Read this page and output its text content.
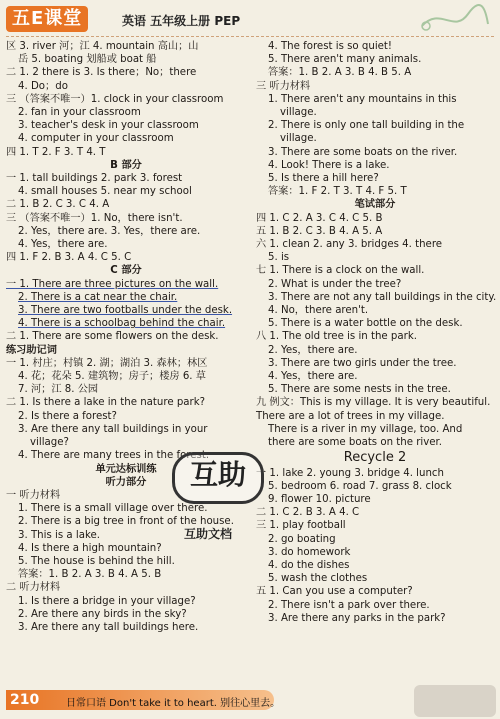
五E课堂	英语 五年级上册 PEP
区 3. river 河；江 4. mountain 高山；山
岳 5. boating 划船或 boat 船
二 1. 2 there is 3. Is there；No；there
4. Do；do
三 （答案不唯一）1. clock in your classroom
2. fan in your classroom
3. teacher's desk in your classroom
4. computer in your classroom
四 1. T 2. F 3. T 4. T
B 部分
一 1. tall buildings 2. park 3. forest
4. small houses 5. near my school
二 1. B 2. C 3. C 4. A
三 （答案不唯一）1. No，there isn't.
2. Yes，there are. 3. Yes，there are.
4. Yes，there are.
四 1. F 2. B 3. A 4. C 5. C
C 部分
一 1. There are three pictures on the wall.
2. There is a cat near the chair.
3. There are two footballs under the desk.
4. There is a schoolbag behind the chair.
二 1. There are some flowers on the desk.
练习助记词
一 1. 村庄；村镇 2. 湖；湖泊 3. 森林；林区
4. 花；花朵 5. 建筑物；房子；楼房 6. 草
7. 河；江 8. 公园
二 1. Is there a lake in the nature park?
2. Is there a forest?
3. Are there any tall buildings in your
village?
4. There are many trees in the forest.
单元达标训练
听力部分
一 听力材料
1. There is a small village over there.
2. There is a big tree in front of the house.
3. This is a lake.
4. Is there a high mountain?
5. The house is behind the hill.
答案：1. B 2. A 3. B 4. A 5. B
二 听力材料
1. Is there a bridge in your village?
2. Are there any birds in the sky?
3. Are there any tall buildings here.
4. The forest is so quiet!
5. There aren't many animals.
答案：1. B 2. A 3. B 4. B 5. A
三 听力材料
1. There aren't any mountains in this
village.
2. There is only one tall building in the
village.
3. There are some boats on the river.
4. Look! There is a lake.
5. Is there a hill here?
答案：1. F 2. T 3. T 4. F 5. T
笔试部分
四 1. C 2. A 3. C 4. C 5. B
五 1. B 2. C 3. B 4. A 5. A
六 1. clean 2. any 3. bridges 4. there
5. is
七 1. There is a clock on the wall.
2. What is under the tree?
3. There are not any tall buildings in the city.
4. No，there aren't.
5. There is a water bottle on the desk.
八 1. The old tree is in the park.
2. Yes，there are.
3. There are two girls under the tree.
4. Yes，there are.
5. There are some nests in the tree.
九 例文：This is my village. It is very beautiful. There are a lot of trees in my village.
There is a river in my village, too. And
there are some boats on the river.
Recycle 2
一 1. lake 2. young 3. bridge 4. lunch
5. bedroom 6. road 7. grass 8. clock
9. flower 10. picture
二 1. C 2. B 3. A 4. C
三 1. play football
2. go boating
3. do homework
4. do the dishes
5. wash the clothes
五 1. Can you use a computer?
2. There isn't a park over there.
3. Are there any parks in the park?
互助
互助文档
210	日常口语 Don't take it to heart. 别往心里去。
